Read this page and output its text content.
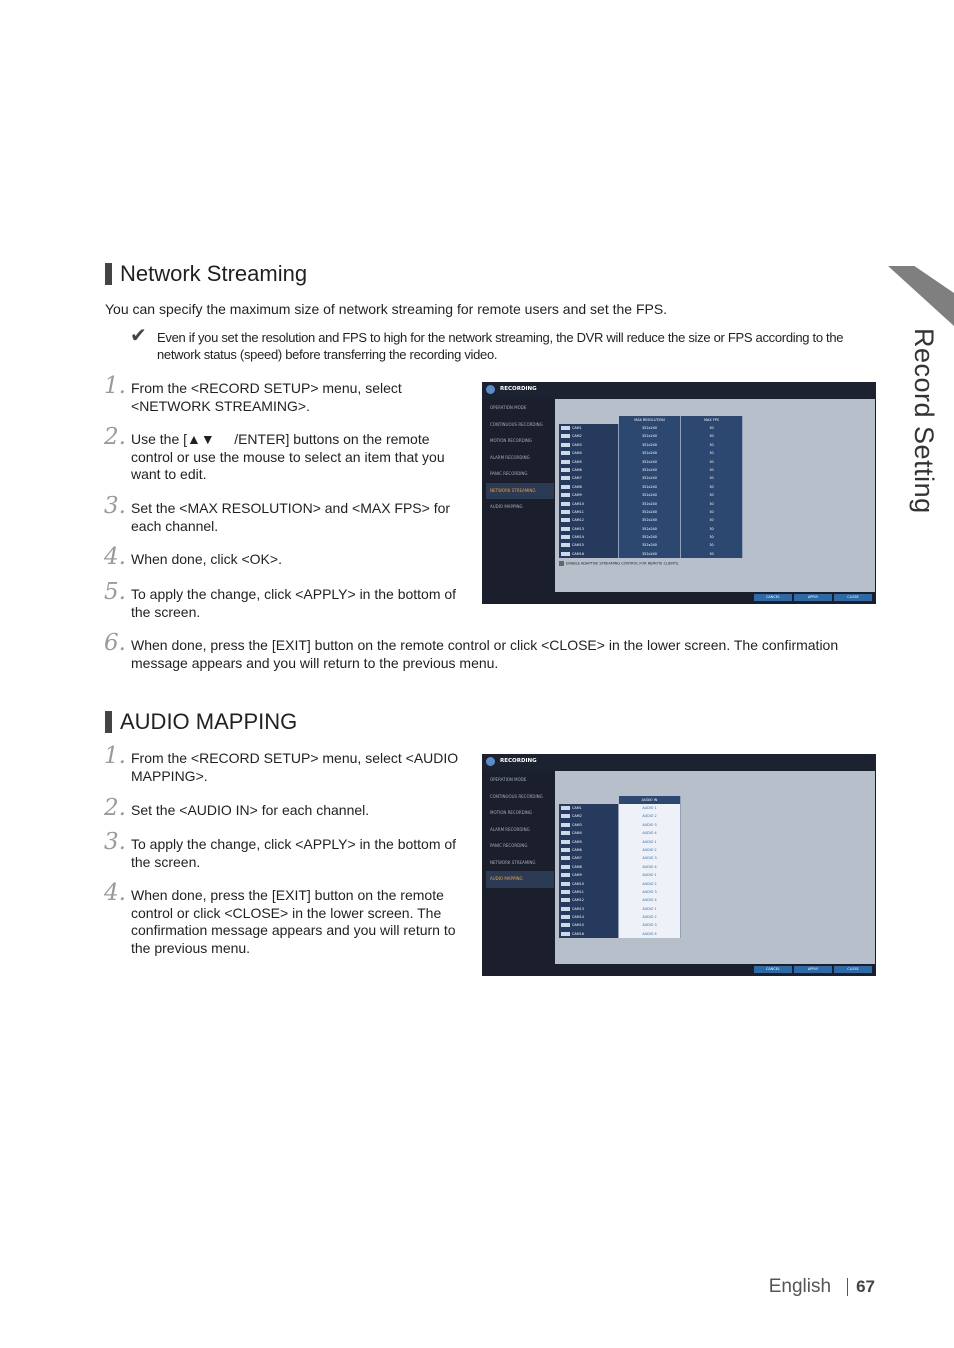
Record Setting
Network Streaming
You can specify the maximum size of network streaming for remote users and set the FPS.
✔ Even if you set the resolution and FPS to high for the network streaming, the DVR will reduce the size or FPS according to the network status (speed) before transferring the recording video.
1. From the <RECORD SETUP> menu, select <NETWORK STREAMING>.
2. Use the [▲▼     /ENTER] buttons on the remote control or use the mouse to select an item that you want to edit.
3. Set the <MAX RESOLUTION> and <MAX FPS> for each channel.
4. When done, click <OK>.
5. To apply the change, click <APPLY> in the bottom of the screen.
6. When done, press the [EXIT] button on the remote control or click <CLOSE> in the lower screen. The confirmation message appears and you will return to the previous menu.
RECORDING
OPERATION MODE
CONTINUOUS RECORDING
MOTION RECORDING
ALARM RECORDING
PANIC RECORDING
NETWORK STREAMING
AUDIO MAPPING
MAX RESOLUTION	MAX FPS
CAM1	352x240	30
CAM2	352x240	30
CAM3	352x240	30
CAM4	352x240	30
CAM5	352x240	30
CAM6	352x240	30
CAM7	352x240	30
CAM8	352x240	30
CAM9	352x240	30
CAM10	352x240	30
CAM11	352x240	30
CAM12	352x240	30
CAM13	352x240	30
CAM14	352x240	30
CAM15	352x240	30
CAM16	352x240	30
ENABLE ADAPTIVE STREAMING CONTROL FOR REMOTE CLIENTS.
CANCEL	APPLY	CLOSE
AUDIO MAPPING
1. From the <RECORD SETUP> menu, select <AUDIO MAPPING>.
2. Set the <AUDIO IN> for each channel.
3. To apply the change, click <APPLY> in the bottom of the screen.
4. When done, press the [EXIT] button on the remote control or click <CLOSE> in the lower screen. The confirmation message appears and you will return to the previous menu.
RECORDING
OPERATION MODE
CONTINUOUS RECORDING
MOTION RECORDING
ALARM RECORDING
PANIC RECORDING
NETWORK STREAMING
AUDIO MAPPING
AUDIO IN
CAM1	AUDIO 1
CAM2	AUDIO 2
CAM3	AUDIO 3
CAM4	AUDIO 4
CAM5	AUDIO 1
CAM6	AUDIO 2
CAM7	AUDIO 3
CAM8	AUDIO 4
CAM9	AUDIO 1
CAM10	AUDIO 2
CAM11	AUDIO 3
CAM12	AUDIO 4
CAM13	AUDIO 1
CAM14	AUDIO 2
CAM15	AUDIO 3
CAM16	AUDIO 4
CANCEL	APPLY	CLOSE
English 67
